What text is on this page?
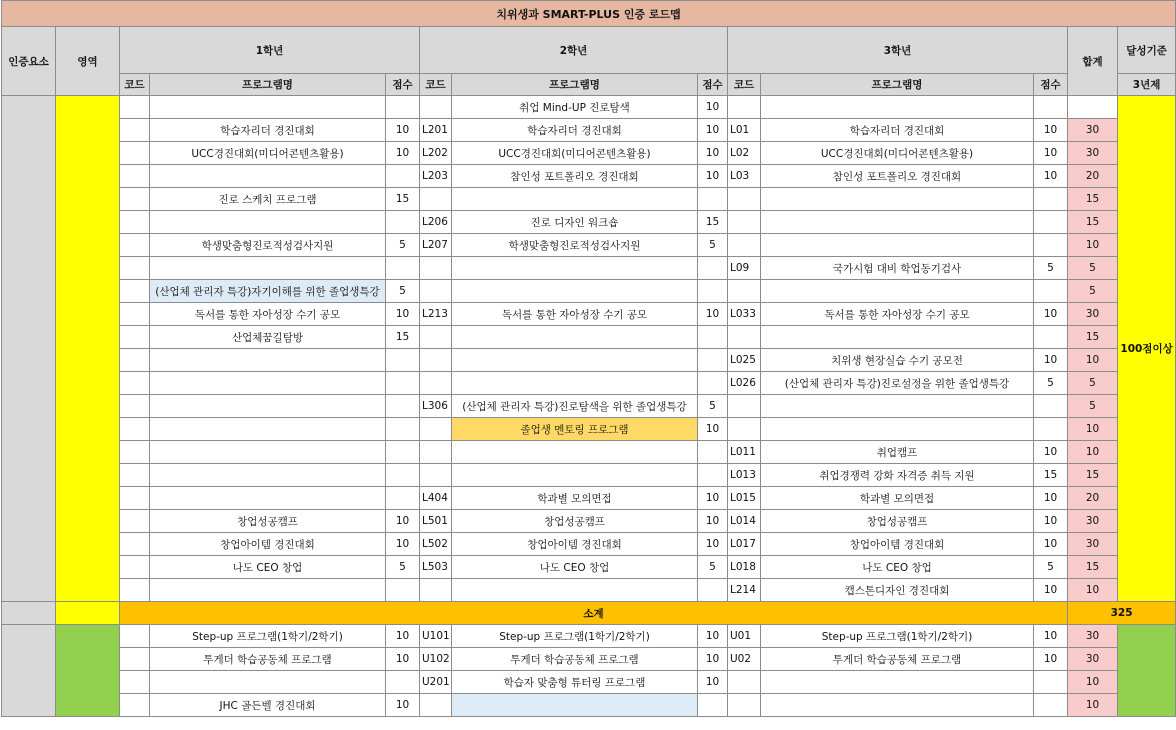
치위생과 SMART-PLUS 인증 로드맵												
인증요소	영역	1학년			2학년			3학년			합계	달성기준
		코드	프로그램명	점수	코드	프로그램명	점수	코드	프로그램명	점수		3년제
						취업 Mind-UP 진로탐색	10					100점이상
			학습자리더 경진대회	10	L201	학습자리더 경진대회	10	L01	학습자리더 경진대회	10	30	
			UCC경진대회(미디어콘텐츠활용)	10	L202	UCC경진대회(미디어콘텐츠활용)	10	L02	UCC경진대회(미디어콘텐츠활용)	10	30	
					L203	참인성 포트폴리오 경진대회	10	L03	참인성 포트폴리오 경진대회	10	20	
			진로 스케치 프로그램	15							15	
					L206	진로 디자인 워크숍	15				15	
			학생맞춤형진로적성검사지원	5	L207	학생맞춤형진로적성검사지원	5				10	
								L09	국가시험 대비 학업동기검사	5	5	
			(산업체 관리자 특강)자기이해를 위한 졸업생특강	5							5	
			독서를 통한 자아성장 수기 공모	10	L213	독서를 통한 자아성장 수기 공모	10	L033	독서를 통한 자아성장 수기 공모	10	30	
			산업체꿈길탐방	15							15	
								L025	치위생 현장실습 수기 공모전	10	10	
								L026	(산업체 관리자 특강)진로설정을 위한 졸업생특강	5	5	
					L306	(산업체 관리자 특강)진로탐색을 위한 졸업생특강	5				5	
						졸업생 멘토링 프로그램	10				10	
								L011	취업캠프	10	10	
								L013	취업경쟁력 강화 자격증 취득 지원	15	15	
					L404	학과별 모의면접	10	L015	학과별 모의면접	10	20	
			창업성공캠프	10	L501	창업성공캠프	10	L014	창업성공캠프	10	30	
			창업아이템 경진대회	10	L502	창업아이템 경진대회	10	L017	창업아이템 경진대회	10	30	
			나도 CEO 창업	5	L503	나도 CEO 창업	5	L018	나도 CEO 창업	5	15	
								L214	캡스톤디자인 경진대회	10	10	
		소계									325	
			Step-up 프로그램(1학기/2학기)	10	U101	Step-up 프로그램(1학기/2학기)	10	U01	Step-up 프로그램(1학기/2학기)	10	30	
			투게더 학습공동체 프로그램	10	U102	투게더 학습공동체 프로그램	10	U02	투게더 학습공동체 프로그램	10	30	
					U201	학습자 맞춤형 튜터링 프로그램	10				10	
			JHC 골든벨 경진대회	10							10	
